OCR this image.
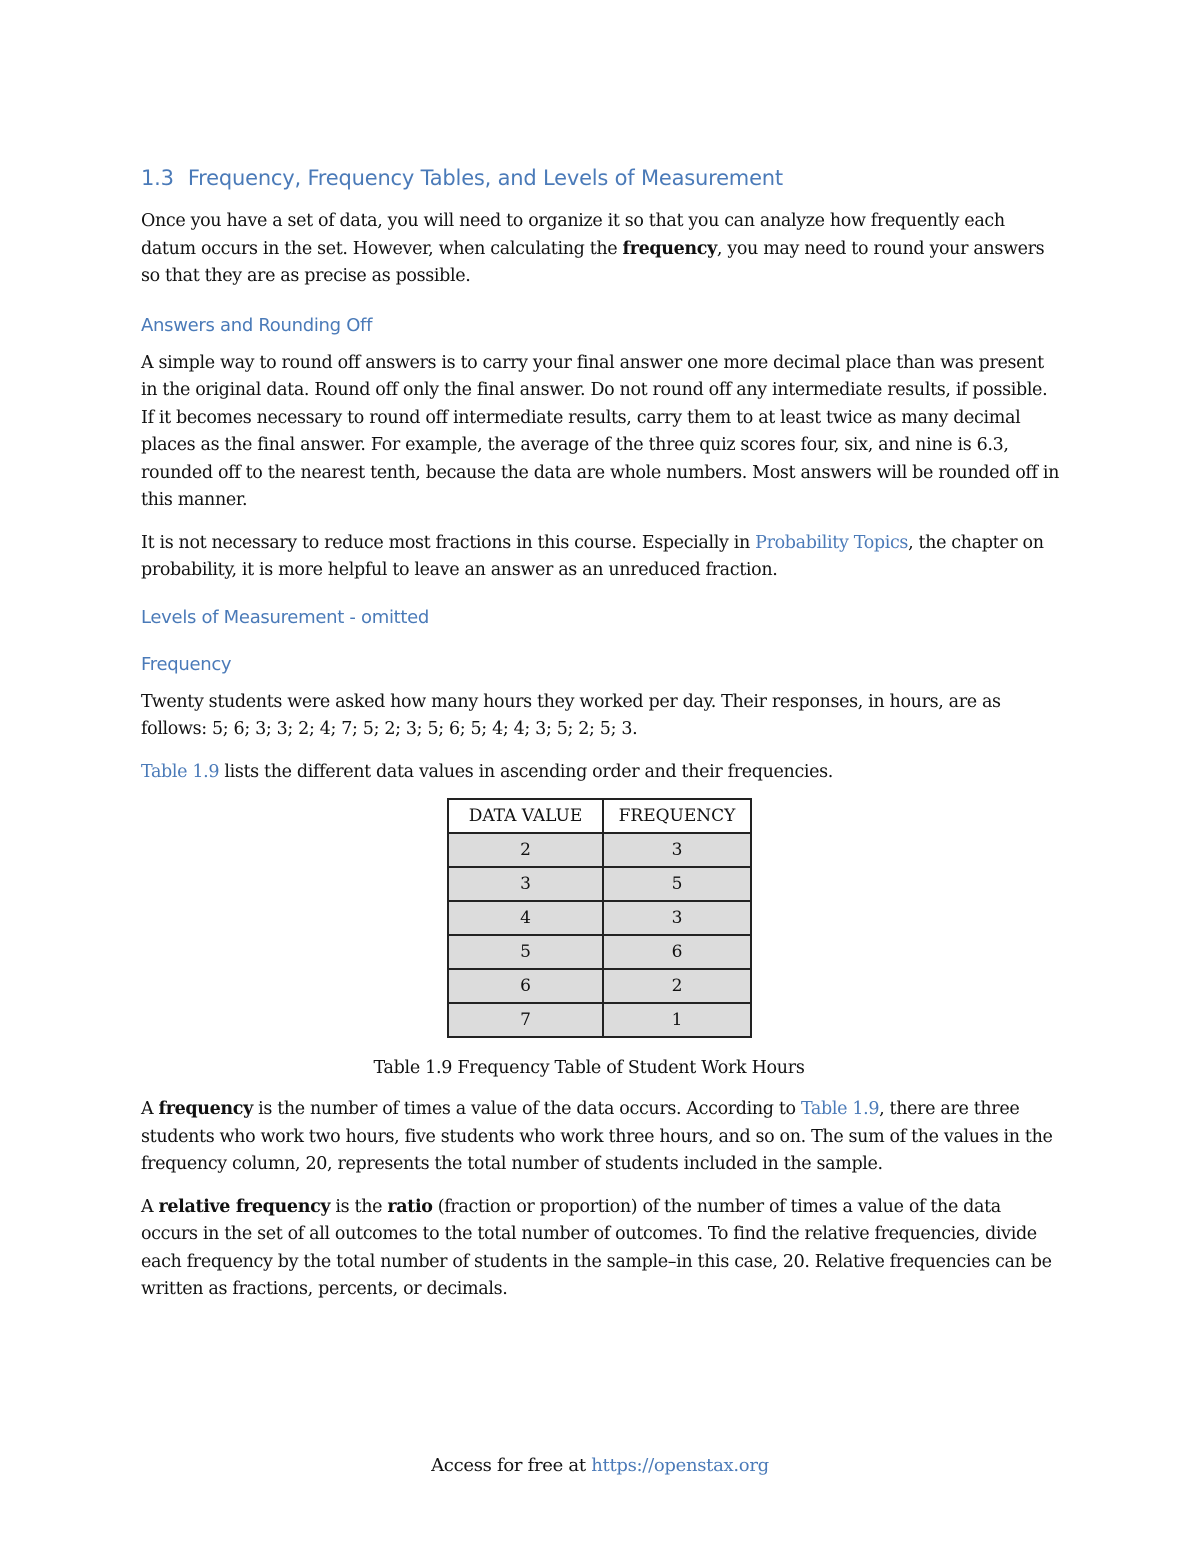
1.3 Frequency, Frequency Tables, and Levels of Measurement

Once you have a set of data, you will need to organize it so that you can analyze how frequently each datum occurs in the set. However, when calculating the frequency, you may need to round your answers so that they are as precise as possible.

Answers and Rounding Off

A simple way to round off answers is to carry your final answer one more decimal place than was present in the original data. Round off only the final answer. Do not round off any intermediate results, if possible. If it becomes necessary to round off intermediate results, carry them to at least twice as many decimal places as the final answer. For example, the average of the three quiz scores four, six, and nine is 6.3, rounded off to the nearest tenth, because the data are whole numbers. Most answers will be rounded off in this manner.

It is not necessary to reduce most fractions in this course. Especially in Probability Topics, the chapter on probability, it is more helpful to leave an answer as an unreduced fraction.

Levels of Measurement - omitted
Frequency

Twenty students were asked how many hours they worked per day. Their responses, in hours, are as follows: 5; 6; 3; 3; 2; 4; 7; 5; 2; 3; 5; 6; 5; 4; 4; 3; 5; 2; 5; 3.

Table 1.9 lists the different data values in ascending order and their frequencies.

DATA VALUE	FREQUENCY
2	3
3	5
4	3
5	6
6	2
7	1
Table 1.9 Frequency Table of Student Work Hours

A frequency is the number of times a value of the data occurs. According to Table 1.9, there are three students who work two hours, five students who work three hours, and so on. The sum of the values in the frequency column, 20, represents the total number of students included in the sample.

A relative frequency is the ratio (fraction or proportion) of the number of times a value of the data occurs in the set of all outcomes to the total number of outcomes. To find the relative frequencies, divide each frequency by the total number of students in the sample–in this case, 20. Relative frequencies can be written as fractions, percents, or decimals.

Access for free at https://openstax.org
